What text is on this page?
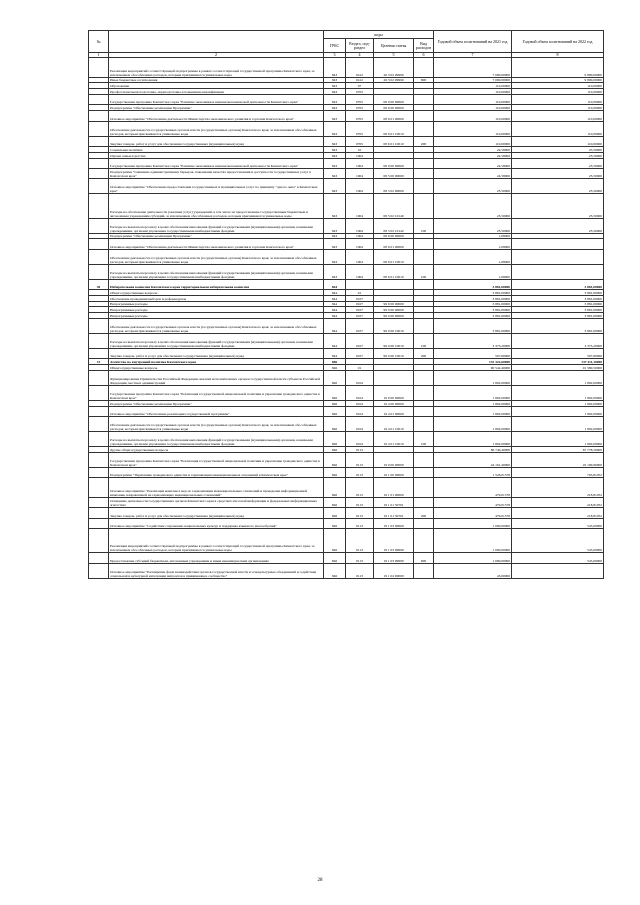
№		коды				Годовой объем ассигнований на 2021 год	Годовой объем ассигнований на 2022 год
		ГРБС	Раздел, под-раздел	Целевая статья	Вид расходов		
1	2	3	4	5	6	7	8
	Реализация мероприятий соответствующей подпрограммы в рамках соответствующей государственной программы Камчатского края, за исключением обособленных расходов, которым присваиваются уникальные коды	843	0412	26 3 02 09990		7 000,00000	9 800,00000
	Иные бюджетные ассигнования	843	0412	26 3 02 09990	800	7 000,00000	9 800,00000
	Образование	843	07			110,00000	110,00000
	Профессиональная подготовка, переподготовка и повышение квалификации	843	0705			110,00000	110,00000
	Государственная программа Камчатского края "Развитие экономики и внешнеэкономической деятельности Камчатского края"	843	0705	08 0 00 00000		110,00000	110,00000
	Подпрограмма "Обеспечение реализации Программы"	843	0705	08 6 00 00000		110,00000	110,00000
	Основное мероприятие "Обеспечение деятельности Министерства экономического развития и торговли Камчатского края"	843	0705	08 6 01 00000		110,00000	110,00000
	Обеспечение деятельности государственных органов власти (государственных органов) Камчатского края, за исключением обособленных расходов, которым присваиваются уникальные коды	843	0705	08 6 01 10010		110,00000	110,00000
	Закупка товаров, работ и услуг для обеспечения государственных (муниципальных) нужд	843	0705	08 6 01 10010	200	110,00000	110,00000
	Социальная политика	843	10			24,58000	23,50000
	Охрана семьи и детства	843	1004			24,58000	23,50000
	Государственная программа Камчатского края "Развитие экономики и внешнеэкономической деятельности Камчатского края"	843	1004	08 0 00 00000		24,58000	23,50000
	Подпрограмма "Снижение административных барьеров, повышение качества предоставления и доступности государственных услуг в Камчатском крае"	843	1004	08 5 00 00000		24,58000	23,50000
	Основное мероприятие "Обеспечение предоставления государственных и муниципальных услуг по принципу "одного окна" в Камчатском крае"	843	1004	08 5 02 00000		23,50000	23,50000
	Расходы на обеспечение деятельности (оказание услуг) учреждений, в том числе на предоставление государственным бюджетным и автономным учреждениям субсидий, за исключением обособленных расходов, которым присваиваются уникальные коды	843	1004	08 5 02 10140		23,50000	23,50000
	Расходы на выплаты персоналу в целях обеспечения выполнения функций государственными (муниципальными) органами, казенными учреждениями, органами управления государственными внебюджетными фондами	843	1004	08 5 02 10142	100	23,50000	23,50000
	Подпрограмма "Обеспечение реализации Программы"	843	1004	08 6 00 00000		1,08000	
	Основное мероприятие "Обеспечение деятельности Министерства экономического развития и торговли Камчатского края"	843	1004	08 6 01 00000		1,08000	
	Обеспечение деятельности государственных органов власти (государственных органов) Камчатского края, за исключением обособленных расходов, которым присваиваются уникальные коды	843	1004	08 6 01 10010		1,08000	
	Расходы на выплаты персоналу в целях обеспечения выполнения функций государственными (муниципальными) органами, казенными учреждениями, органами управления государственными внебюджетными фондами	843	1004	08 6 01 10010	100	1,08000	
30	Избирательная комиссия Камчатского края территориальная избирательная комиссия	844				3 881,00000	3 881,00000
	Общегосударственные вопросы	844	01			3 881,00000	3 881,00000
	Обеспечение проведения выборов и референдумов	844	0107			3 881,00000	3 881,00000
	Непрограммные расходы	844	0107	99 0 00 00000		3 881,00000	3 881,00000
	Непрограммные расходы	844	0107	99 0 00 00000		3 881,00000	3 881,00000
	Непрограммные расходы	844	0107	99 0 00 00000		3 881,00000	3 881,00000
	Обеспечение деятельности государственных органов власти (государственных органов) Камчатского края, за исключением обособленных расходов, которым присваиваются уникальные коды	844	0107	99 0 00 10010		3 881,00000	3 881,00000
	Расходы на выплаты персоналу в целях обеспечения выполнения функций государственными (муниципальными) органами, казенными учреждениями, органами управления государственными внебюджетными фондами	844	0107	99 0 00 10010	100	3 373,20000	3 373,20000
	Закупка товаров, работ и услуг для обеспечения государственных (муниципальных) нужд	844	0107	99 0 00 10010	200	507,80000	507,80000
31	Агентство по внутренней политике Камчатского края	846				132 322,60000	137 411,10000
	Общегосударственные вопросы	846	01			90 542,40000	91 580,50000
	Функционирование Правительства Российской Федерации, высших исполнительных органов государственной власти субъектов Российской Федерации, местных администраций	846	0104			1 802,00000	1 802,00000
	Государственная программа Камчатского края "Реализация государственной национальной политики и укрепление гражданского единства в Камчатском крае"	846	0104	19 0 00 00000		1 802,00000	1 802,00000
	Подпрограмма "Обеспечение реализации Программы"	846	0104	19 4 00 00000		1 802,00000	1 802,00000
	Основное мероприятие "Обеспечение реализации государственной программы"	846	0104	19 4 01 00000		1 802,00000	1 802,00000
	Обеспечение деятельности государственных органов власти (государственных органов) Камчатского края, за исключением обособленных расходов, которым присваиваются уникальные коды	846	0104	19 4 01 10010		1 802,00000	1 802,00000
	Расходы на выплаты персоналу в целях обеспечения выполнения функций государственными (муниципальными) органами, казенными учреждениями, органами управления государственными внебюджетными фондами	846	0104	19 4 01 10010	100	1 802,00000	1 802,00000
	Другие общегосударственные вопросы	846	0113			86 740,40000	87 778,50000
	Государственная программа Камчатского края "Реализация государственной национальной политики и укрепление гражданского единства в Камчатском крае"	846	0113	19 0 00 00000		44 161,40000	45 199,90000
	Подпрограмма "Укрепление гражданского единства и гармонизация межнациональных отношений в Камчатском крае"	846	0113	19 1 00 00000		1 526,01578	763,81052
	Основное мероприятие "Реализация комплекса мер по гармонизации межнациональных отношений и проведение информационной кампании, направленной на гармонизацию межнациональных отношений"	846	0113	19 1 01 00000		479,01578	218,81052
	Освещение деятельности государственных органов Камчатского края в средствах массовой информации и федеральных информационных агентствах	846	0113	19 1 01 50701		479,01578	218,81052
	Закупка товаров, работ и услуг для обеспечения государственных (муниципальных) нужд	846	0113	19 1 01 50701	200	479,01578	218,81052
	Основное мероприятие "Содействие сохранению национальных культур и поддержка языкового многообразия"	846	0113	19 1 03 00000		1 000,00000	545,00000
	Реализация мероприятий соответствующей подпрограммы в рамках соответствующей государственной программы Камчатского края, за исключением обособленных расходов, которым присваиваются уникальные коды	846	0113	19 1 03 09990		1 000,00000	545,00000
	Предоставление субсидий бюджетным, автономным учреждениям и иным некоммерческим организациям	846	0113	19 1 03 09990	600	1 000,00000	545,00000
	Основное мероприятие "Расширение форм взаимодействия органов государственной власти и этнокультурных объединений и содействие социальной и культурной интеграции мигрантов в принимающее сообщество"	846	0113	19 1 04 00000		43,00000	
28
